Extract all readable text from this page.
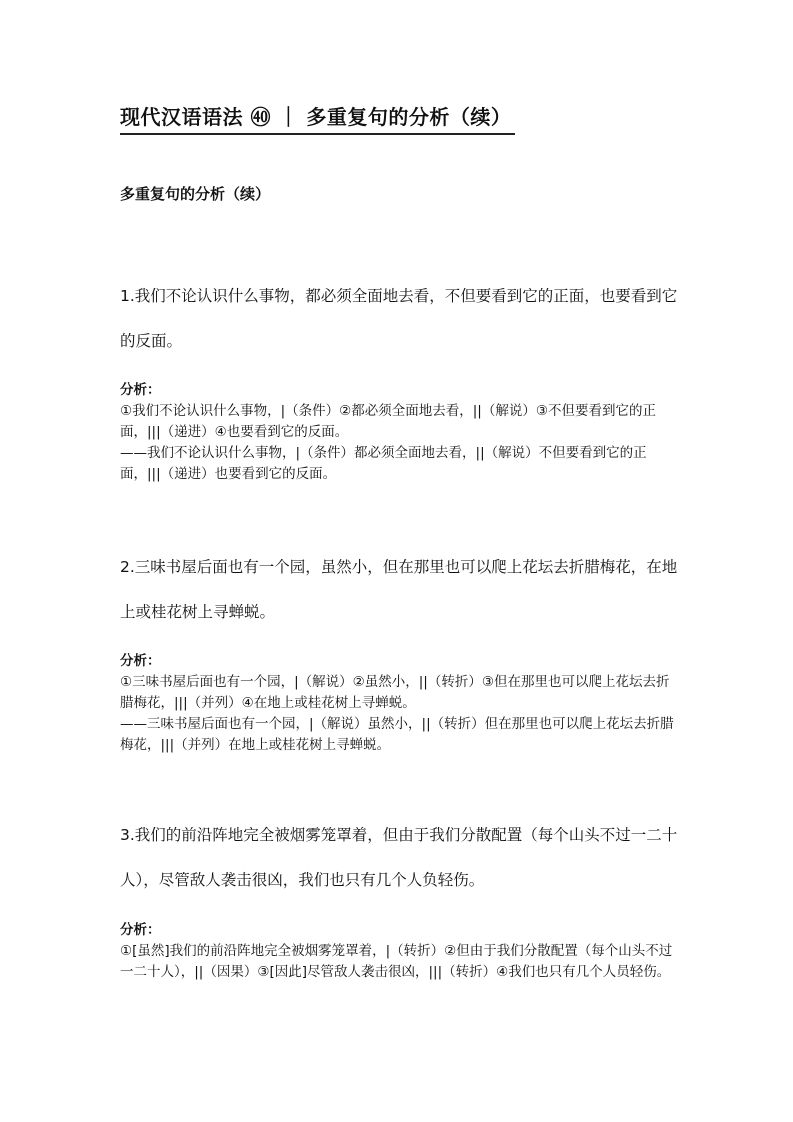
现代汉语语法 ㊵ ｜ 多重复句的分析（续）
多重复句的分析（续）
1.我们不论认识什么事物，都必须全面地去看，不但要看到它的正面，也要看到它的反面。

分析：

①我们不论认识什么事物，|（条件）②都必须全面地去看，||（解说）③不但要看到它的正面，|||（递进）④也要看到它的反面。

——我们不论认识什么事物，|（条件）都必须全面地去看，||（解说）不但要看到它的正面，|||（递进）也要看到它的反面。

2.三味书屋后面也有一个园，虽然小，但在那里也可以爬上花坛去折腊梅花，在地上或桂花树上寻蝉蜕。

分析：

①三味书屋后面也有一个园，|（解说）②虽然小，||（转折）③但在那里也可以爬上花坛去折腊梅花，|||（并列）④在地上或桂花树上寻蝉蜕。

——三味书屋后面也有一个园，|（解说）虽然小，||（转折）但在那里也可以爬上花坛去折腊梅花，|||（并列）在地上或桂花树上寻蝉蜕。

3.我们的前沿阵地完全被烟雾笼罩着，但由于我们分散配置（每个山头不过一二十人），尽管敌人袭击很凶，我们也只有几个人负轻伤。

分析：

①[虽然]我们的前沿阵地完全被烟雾笼罩着，|（转折）②但由于我们分散配置（每个山头不过一二十人），||（因果）③[因此]尽管敌人袭击很凶，|||（转折）④我们也只有几个人员轻伤。
